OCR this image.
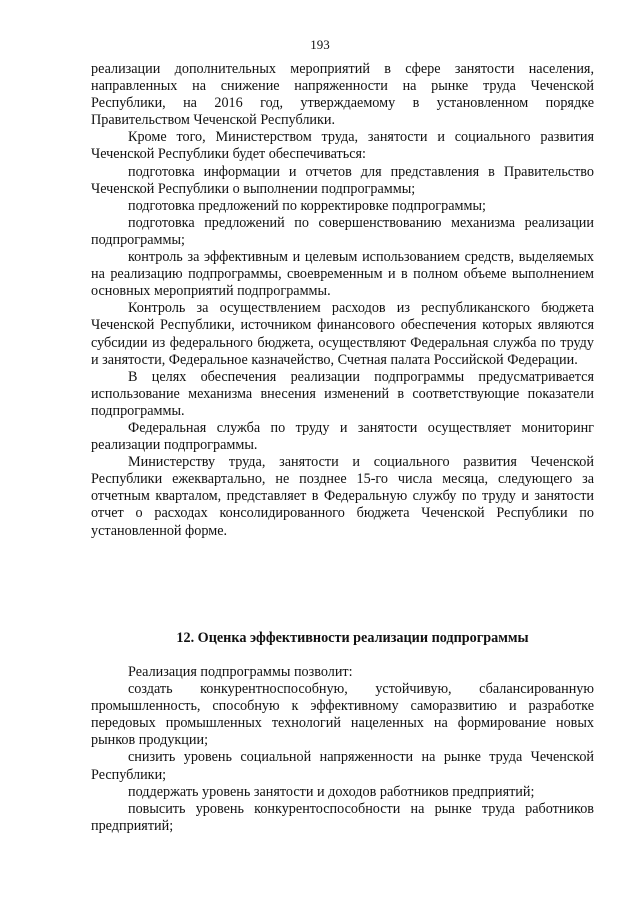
193

реализации дополнительных мероприятий в сфере занятости населения, направленных на снижение напряженности на рынке труда Чеченской Республики, на 2016 год, утверждаемому в установленном порядке Правительством Чеченской Республики.

Кроме того, Министерством труда, занятости и социального развития Чеченской Республики будет обеспечиваться:

подготовка информации и отчетов для представления в Правительство Чеченской Республики о выполнении подпрограммы;

подготовка предложений по корректировке подпрограммы;

подготовка предложений по совершенствованию механизма реализации подпрограммы;

контроль за эффективным и целевым использованием средств, выделяемых на реализацию подпрограммы, своевременным и в полном объеме выполнением основных мероприятий подпрограммы.

Контроль за осуществлением расходов из республиканского бюджета Чеченской Республики, источником финансового обеспечения которых являются субсидии из федерального бюджета, осуществляют Федеральная служба по труду и занятости, Федеральное казначейство, Счетная палата Российской Федерации.

В целях обеспечения реализации подпрограммы предусматривается использование механизма внесения изменений в соответствующие показатели подпрограммы.

Федеральная служба по труду и занятости осуществляет мониторинг реализации подпрограммы.

Министерству труда, занятости и социального развития Чеченской Республики ежеквартально, не позднее 15-го числа месяца, следующего за отчетным кварталом, представляет в Федеральную службу по труду и занятости отчет о расходах консолидированного бюджета Чеченской Республики по установленной форме.

12. Оценка эффективности реализации подпрограммы

Реализация подпрограммы позволит:

создать конкурентноспособную, устойчивую, сбалансированную промышленность, способную к эффективному саморазвитию и разработке передовых промышленных технологий нацеленных на формирование новых рынков продукции;

снизить уровень социальной напряженности на рынке труда Чеченской Республики;

поддержать уровень занятости и доходов работников предприятий;

повысить уровень конкурентоспособности на рынке труда работников предприятий;
